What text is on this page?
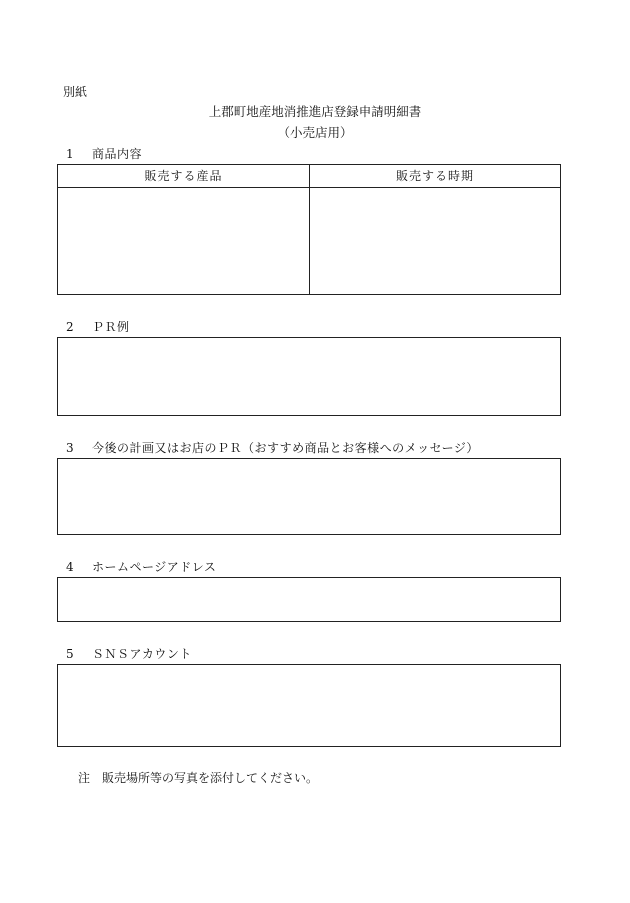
別紙
上郡町地産地消推進店登録申請明細書
（小売店用）
1 商品内容
販売する産品	販売する時期
2 ＰＲ例
3 今後の計画又はお店のＰＲ（おすすめ商品とお客様へのメッセージ）
4 ホームページアドレス
5 ＳＮＳアカウント
注　販売場所等の写真を添付してください。
